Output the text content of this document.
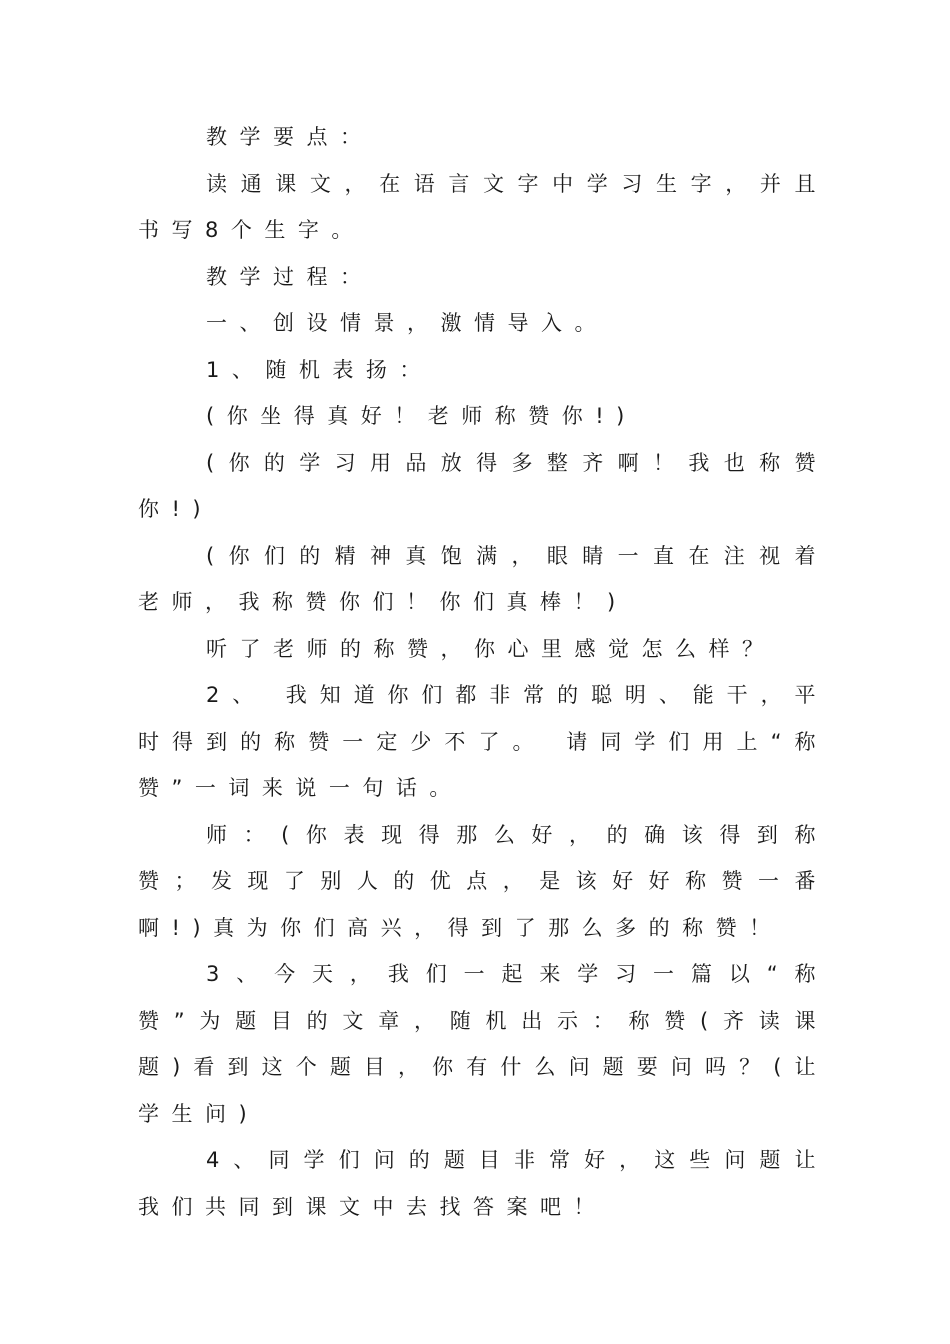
教学要点：

读通课文，在语言文字中学习生字，并且书写8个生字。

教学过程：

一、创设情景，激情导入。

1、随机表扬：

(你坐得真好！老师称赞你!)

(你的学习用品放得多整齐啊！我也称赞你!)

(你们的精神真饱满，眼睛一直在注视着老师，我称赞你们！你们真棒！)

听了老师的称赞，你心里感觉怎么样？

2、 我知道你们都非常的聪明、能干，平时得到的称赞一定少不了。 请同学们用上“称赞”一词来说一句话。

师：(你表现得那么好，的确该得到称赞；发现了别人的优点，是该好好称赞一番啊!)真为你们高兴，得到了那么多的称赞！

3、今天，我们一起来学习一篇以“称赞”为题目的文章，随机出示：称赞(齐读课题)看到这个题目，你有什么问题要问吗？(让学生问)

4、同学们问的题目非常好，这些问题让我们共同到课文中去找答案吧！
